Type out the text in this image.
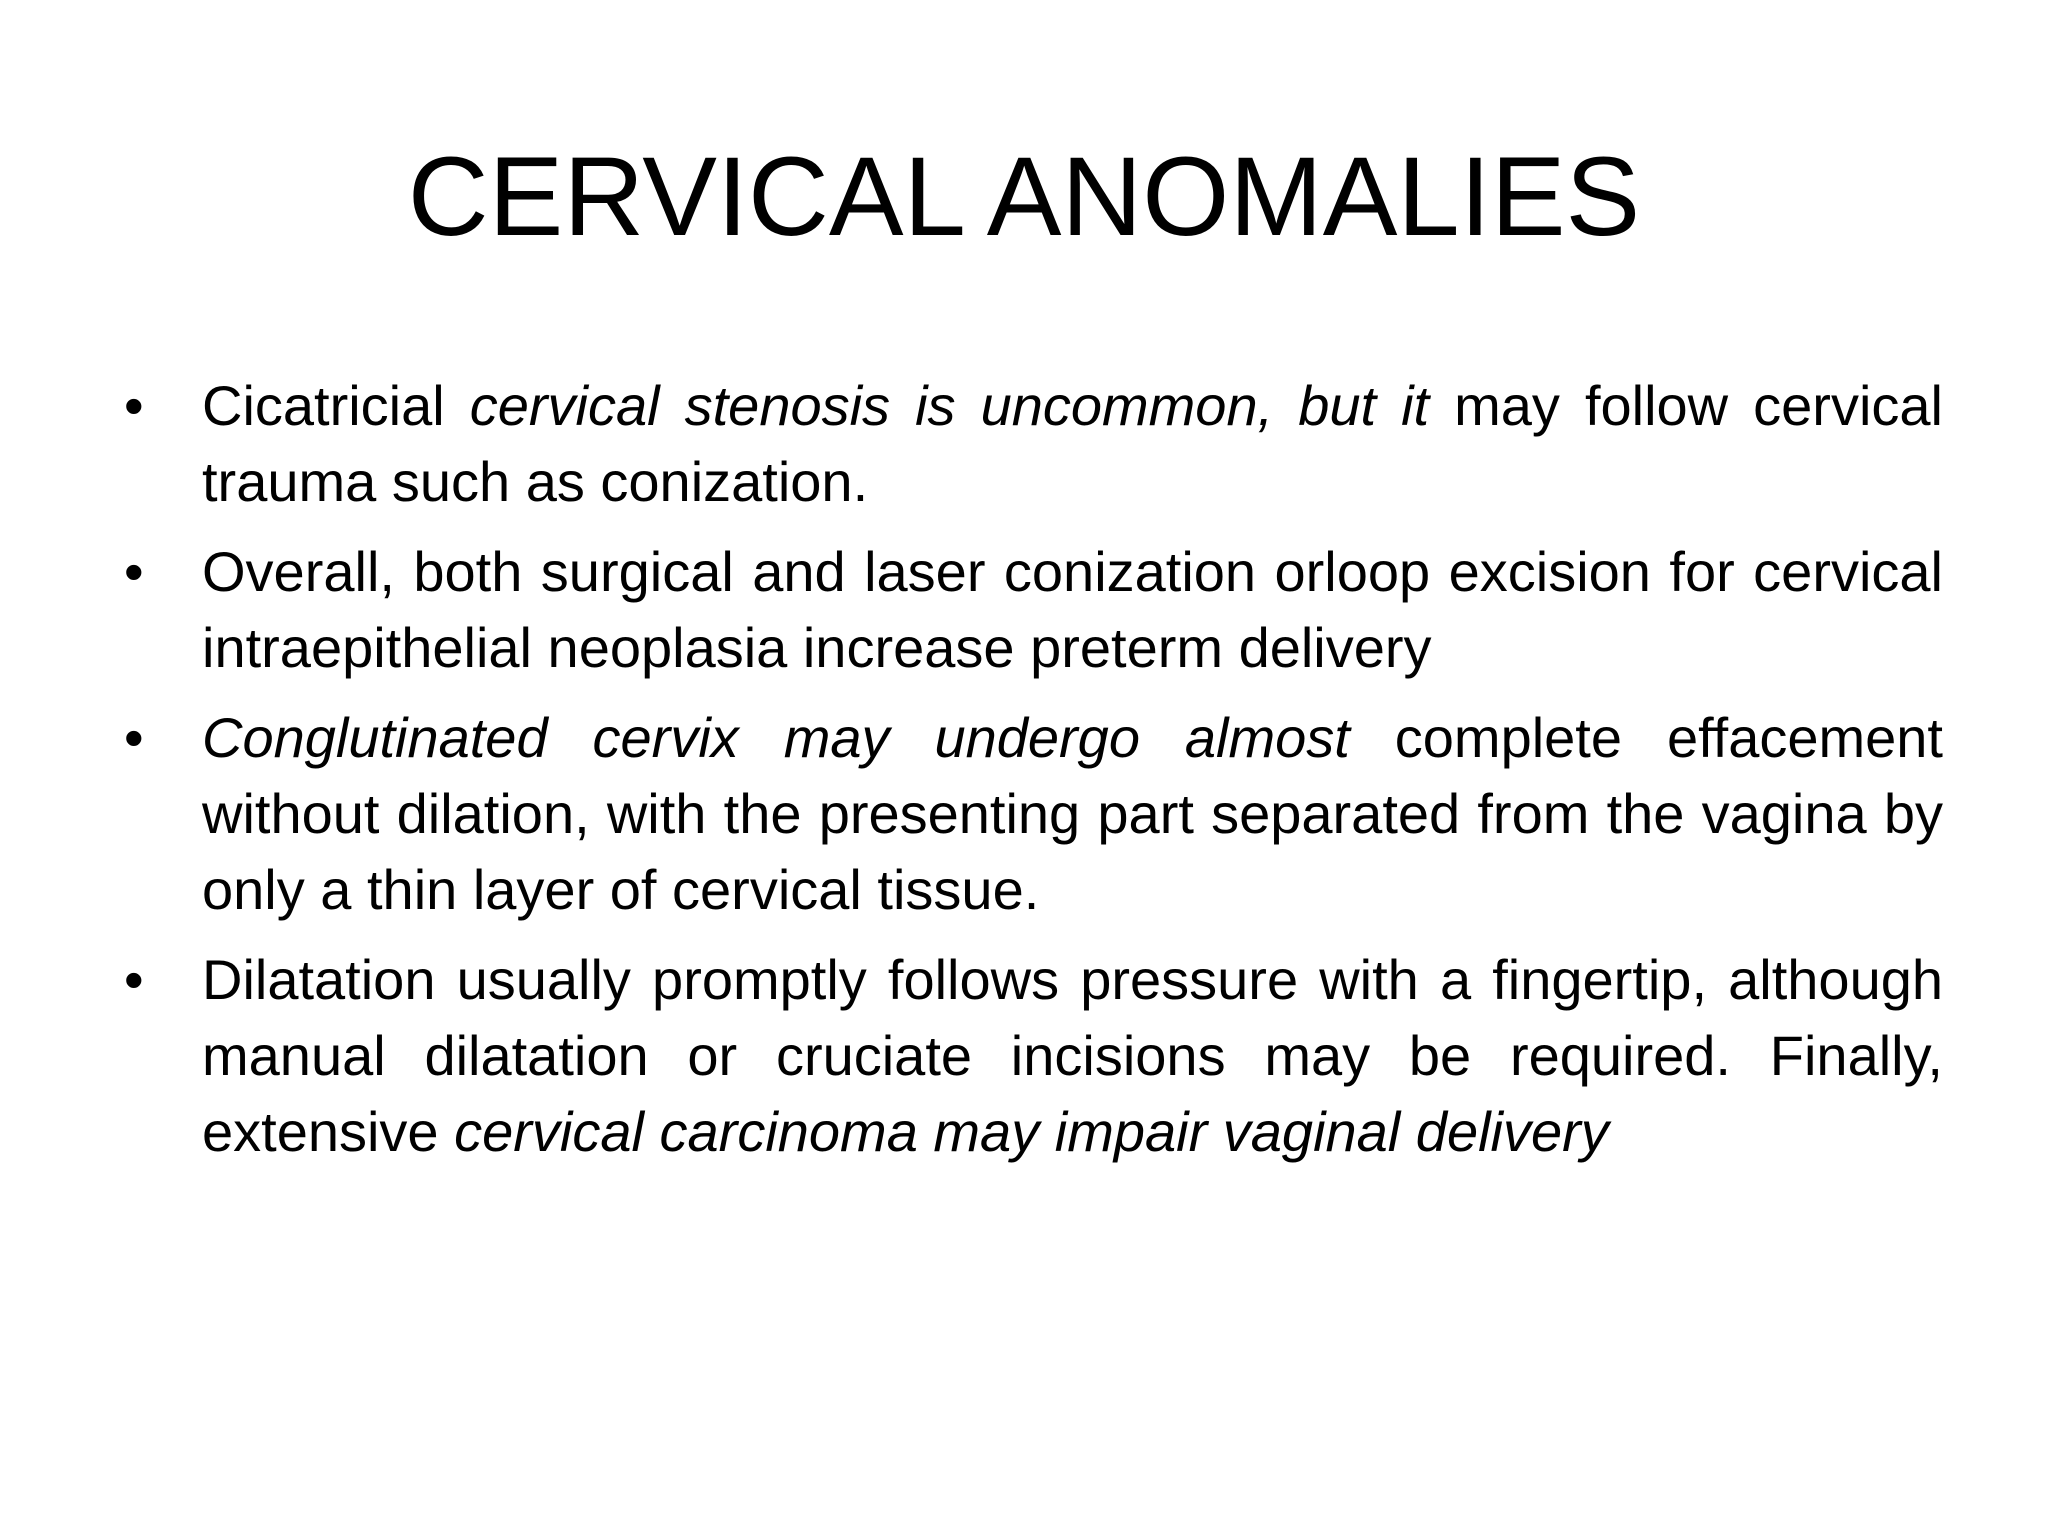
CERVICAL ANOMALIES
• Cicatricial cervical stenosis is uncommon, but it may follow cervical trauma such as conization.
• Overall, both surgical and laser conization orloop excision for cervical intraepithelial neoplasia increase preterm delivery
• Conglutinated cervix may undergo almost complete effacement without dilation, with the presenting part separated from the vagina by only a thin layer of cervical tissue.
• Dilatation usually promptly follows pressure with a fingertip, although manual dilatation or cruciate incisions may be required. Finally, extensive cervical carcinoma may impair vaginal delivery
